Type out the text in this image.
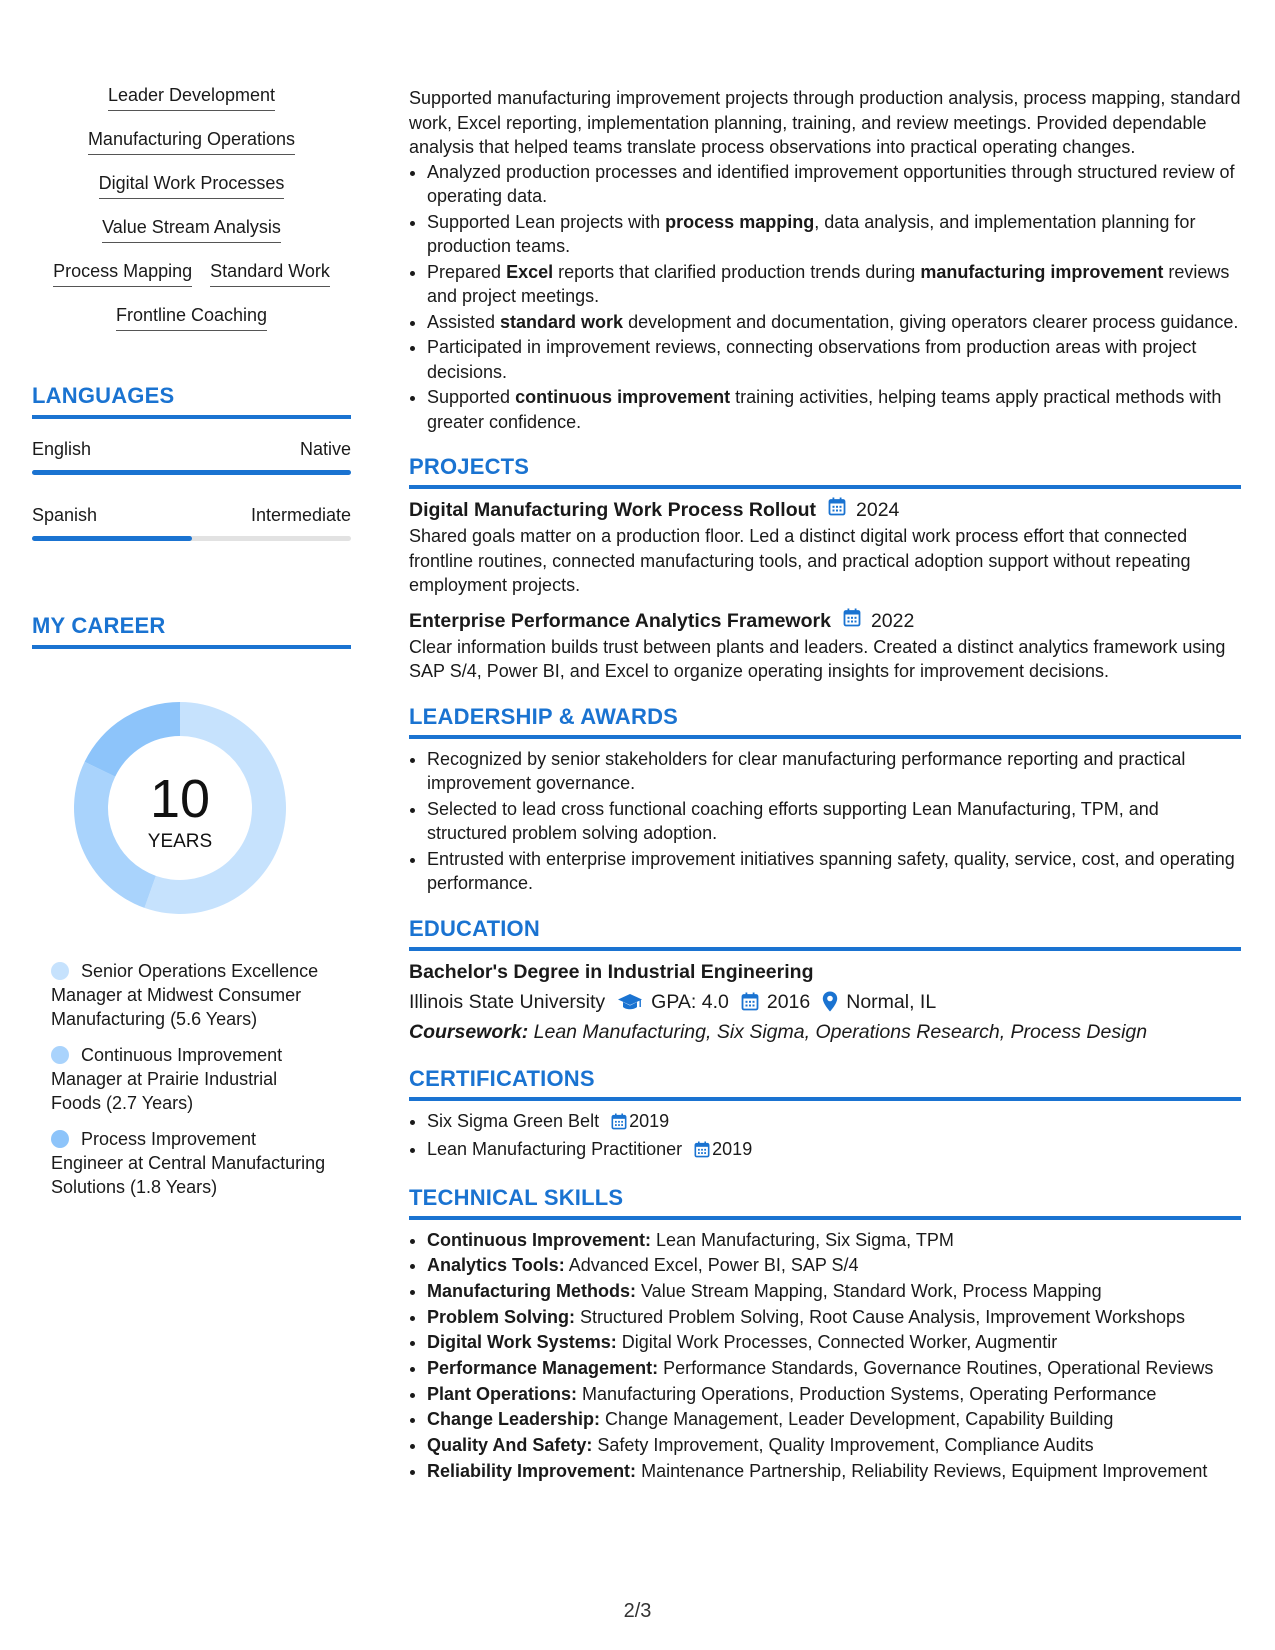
Leader Development
Manufacturing Operations
Digital Work Processes
Value Stream Analysis
Process Mapping Standard Work
Frontline Coaching
LANGUAGES
English	Native
Spanish	Intermediate
MY CAREER
10
YEARS
Senior Operations Excellence Manager at Midwest Consumer Manufacturing (5.6 Years)
Continuous Improvement Manager at Prairie Industrial Foods (2.7 Years)
Process Improvement Engineer at Central Manufacturing Solutions (1.8 Years)

Supported manufacturing improvement projects through production analysis, process mapping, standard work, Excel reporting, implementation planning, training, and review meetings. Provided dependable analysis that helped teams translate process observations into practical operating changes.

• Analyzed production processes and identified improvement opportunities through structured review of operating data.
• Supported Lean projects with process mapping, data analysis, and implementation planning for production teams.
• Prepared Excel reports that clarified production trends during manufacturing improvement reviews and project meetings.
• Assisted standard work development and documentation, giving operators clearer process guidance.
• Participated in improvement reviews, connecting observations from production areas with project decisions.
• Supported continuous improvement training activities, helping teams apply practical methods with greater confidence.
PROJECTS
Digital Manufacturing Work Process Rollout 2024

Shared goals matter on a production floor. Led a distinct digital work process effort that connected frontline routines, connected manufacturing tools, and practical adoption support without repeating employment projects.

Enterprise Performance Analytics Framework 2022

Clear information builds trust between plants and leaders. Created a distinct analytics framework using SAP S/4, Power BI, and Excel to organize operating insights for improvement decisions.

LEADERSHIP & AWARDS
• Recognized by senior stakeholders for clear manufacturing performance reporting and practical improvement governance.
• Selected to lead cross functional coaching efforts supporting Lean Manufacturing, TPM, and structured problem solving adoption.
• Entrusted with enterprise improvement initiatives spanning safety, quality, service, cost, and operating performance.
EDUCATION
Bachelor's Degree in Industrial Engineering
Illinois State University GPA: 4.0 2016 Normal, IL
Coursework: Lean Manufacturing, Six Sigma, Operations Research, Process Design
CERTIFICATIONS
• Six Sigma Green Belt 2019
• Lean Manufacturing Practitioner 2019
TECHNICAL SKILLS
• Continuous Improvement: Lean Manufacturing, Six Sigma, TPM
• Analytics Tools: Advanced Excel, Power BI, SAP S/4
• Manufacturing Methods: Value Stream Mapping, Standard Work, Process Mapping
• Problem Solving: Structured Problem Solving, Root Cause Analysis, Improvement Workshops
• Digital Work Systems: Digital Work Processes, Connected Worker, Augmentir
• Performance Management: Performance Standards, Governance Routines, Operational Reviews
• Plant Operations: Manufacturing Operations, Production Systems, Operating Performance
• Change Leadership: Change Management, Leader Development, Capability Building
• Quality And Safety: Safety Improvement, Quality Improvement, Compliance Audits
• Reliability Improvement: Maintenance Partnership, Reliability Reviews, Equipment Improvement
2/3
